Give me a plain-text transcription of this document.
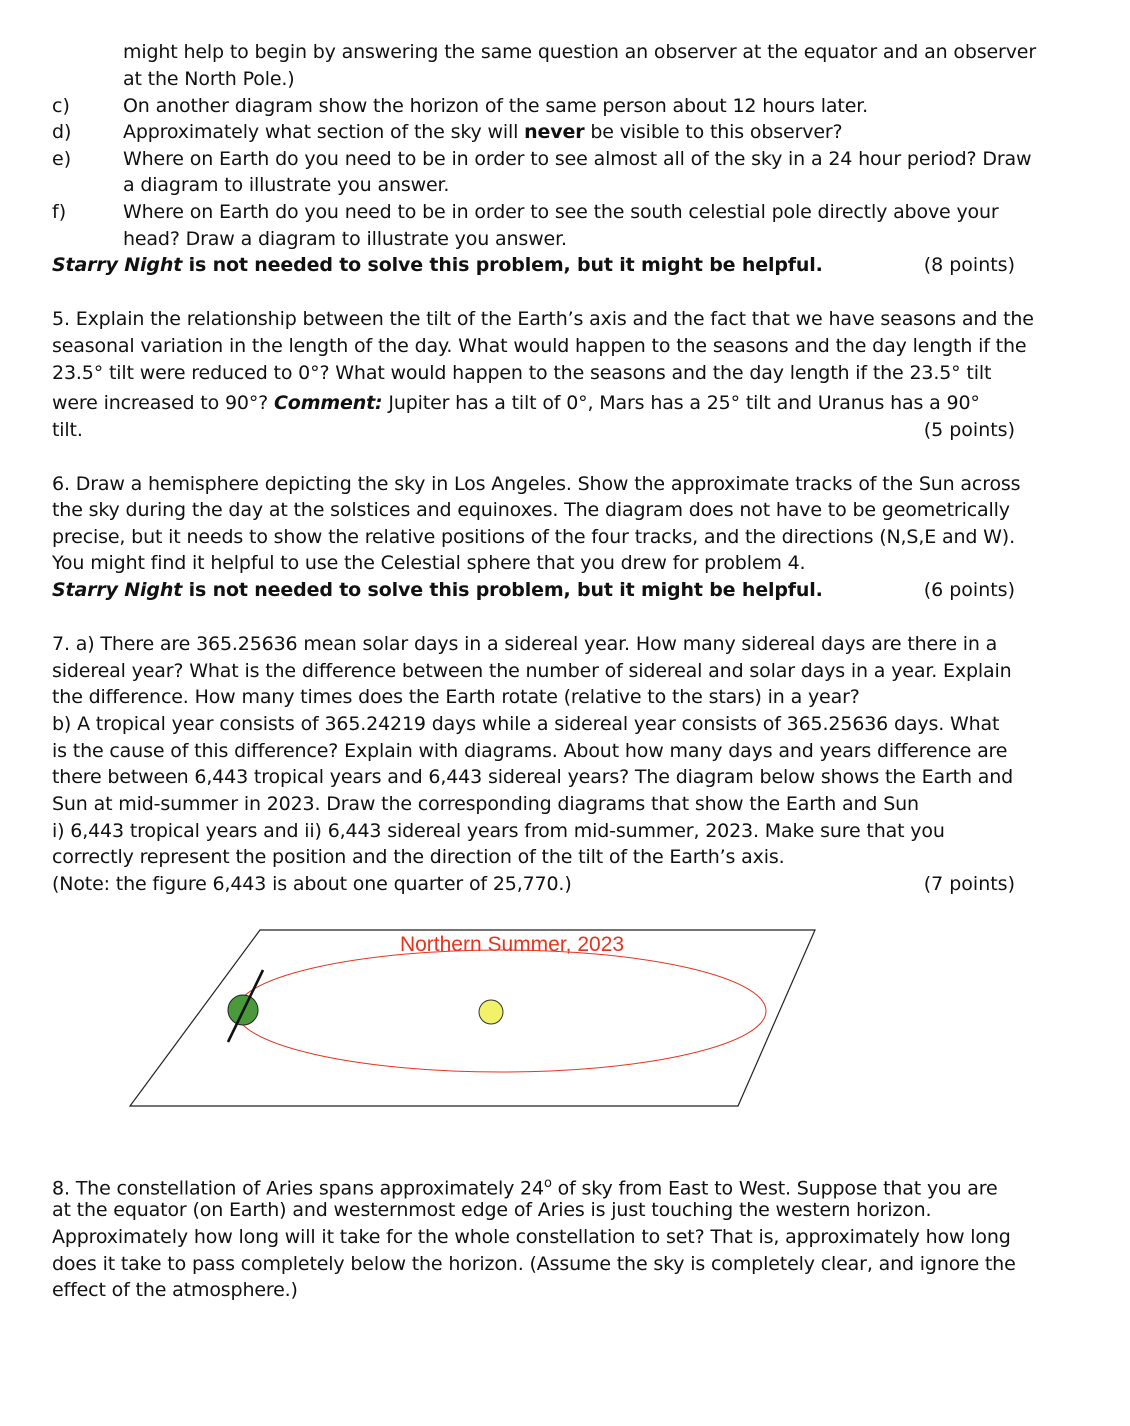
might help to begin by answering the same question an observer at the equator and an observer
at the North Pole.)
c)	On another diagram show the horizon of the same person about 12 hours later.
d)	Approximately what section of the sky will never be visible to this observer?
e)	Where on Earth do you need to be in order to see almost all of the sky in a 24 hour period? Draw
a diagram to illustrate you answer.
f)	Where on Earth do you need to be in order to see the south celestial pole directly above your
head? Draw a diagram to illustrate you answer.
Starry Night is not needed to solve this problem, but it might be helpful.	(8 points)
5. Explain the relationship between the tilt of the Earth’s axis and the fact that we have seasons and the
seasonal variation in the length of the day. What would happen to the seasons and the day length if the
23.5° tilt were reduced to 0°? What would happen to the seasons and the day length if the 23.5° tilt
were increased to 90°? Comment: Jupiter has a tilt of 0°, Mars has a 25° tilt and Uranus has a 90°
tilt.	(5 points)
6. Draw a hemisphere depicting the sky in Los Angeles. Show the approximate tracks of the Sun across
the sky during the day at the solstices and equinoxes. The diagram does not have to be geometrically
precise, but it needs to show the relative positions of the four tracks, and the directions (N,S,E and W).
You might find it helpful to use the Celestial sphere that you drew for problem 4.
Starry Night is not needed to solve this problem, but it might be helpful.	(6 points)
7. a) There are 365.25636 mean solar days in a sidereal year. How many sidereal days are there in a
sidereal year? What is the difference between the number of sidereal and solar days in a year. Explain
the difference. How many times does the Earth rotate (relative to the stars) in a year?
b) A tropical year consists of 365.24219 days while a sidereal year consists of 365.25636 days. What
is the cause of this difference? Explain with diagrams. About how many days and years difference are
there between 6,443 tropical years and 6,443 sidereal years? The diagram below shows the Earth and
Sun at mid-summer in 2023. Draw the corresponding diagrams that show the Earth and Sun
i) 6,443 tropical years and ii) 6,443 sidereal years from mid-summer, 2023. Make sure that you
correctly represent the position and the direction of the tilt of the Earth’s axis.
(Note: the figure 6,443 is about one quarter of 25,770.)	(7 points)
Northern Summer, 2023
8. The constellation of Aries spans approximately 24$^o$ of sky from East to West. Suppose that you are
at the equator (on Earth) and westernmost edge of Aries is just touching the western horizon.
Approximately how long will it take for the whole constellation to set? That is, approximately how long
does it take to pass completely below the horizon. (Assume the sky is completely clear, and ignore the
effect of the atmosphere.)
